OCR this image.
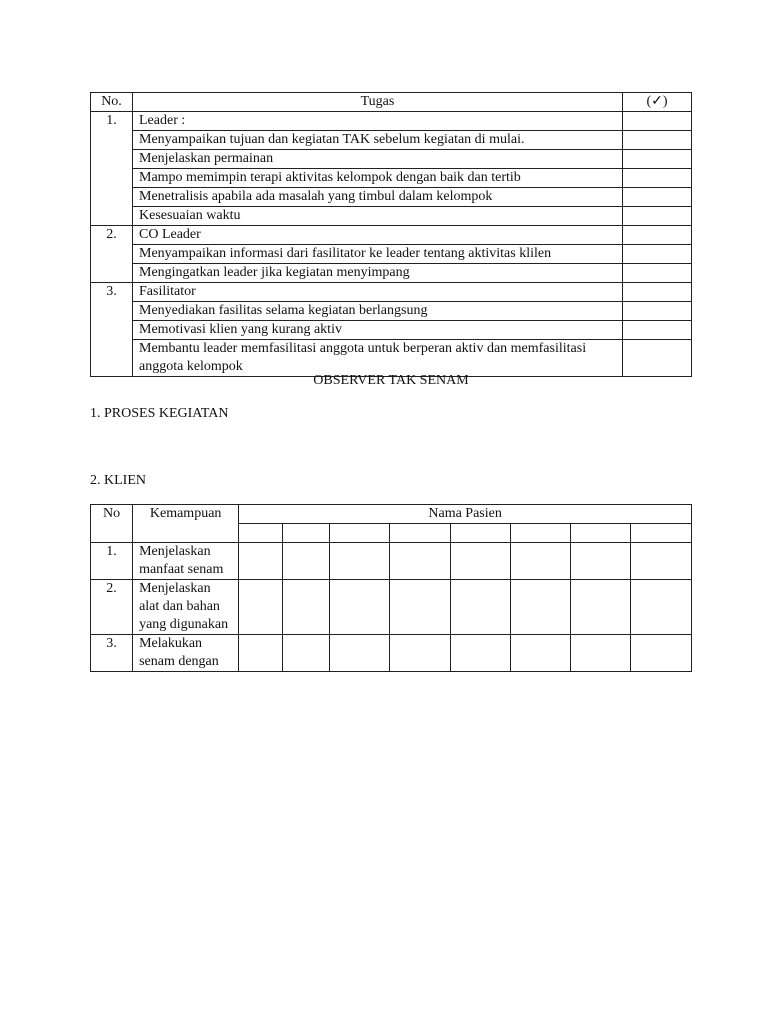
No.	Tugas	(✓)
1.	Leader :	
	Menyampaikan tujuan dan kegiatan TAK sebelum kegiatan di mulai.	
	Menjelaskan permainan	
	Mampo memimpin terapi aktivitas kelompok dengan baik dan tertib	
	Menetralisis apabila ada masalah yang timbul dalam kelompok	
	Kesesuaian waktu	
2.	CO Leader	
	Menyampaikan informasi dari fasilitator ke leader tentang aktivitas klilen	
	Mengingatkan leader jika kegiatan menyimpang	
3.	Fasilitator	
	Menyediakan fasilitas selama kegiatan berlangsung	
	Memotivasi klien yang kurang aktiv	
	Membantu leader memfasilitasi anggota untuk berperan aktiv dan memfasilitasi anggota kelompok	
OBSERVER TAK SENAM
1. PROSES KEGIATAN
2. KLIEN
No	Kemampuan	Nama Pasien							

1.	Menjelaskan manfaat senam								
2.	Menjelaskan alat dan bahan yang digunakan								
3.	Melakukan senam dengan								
